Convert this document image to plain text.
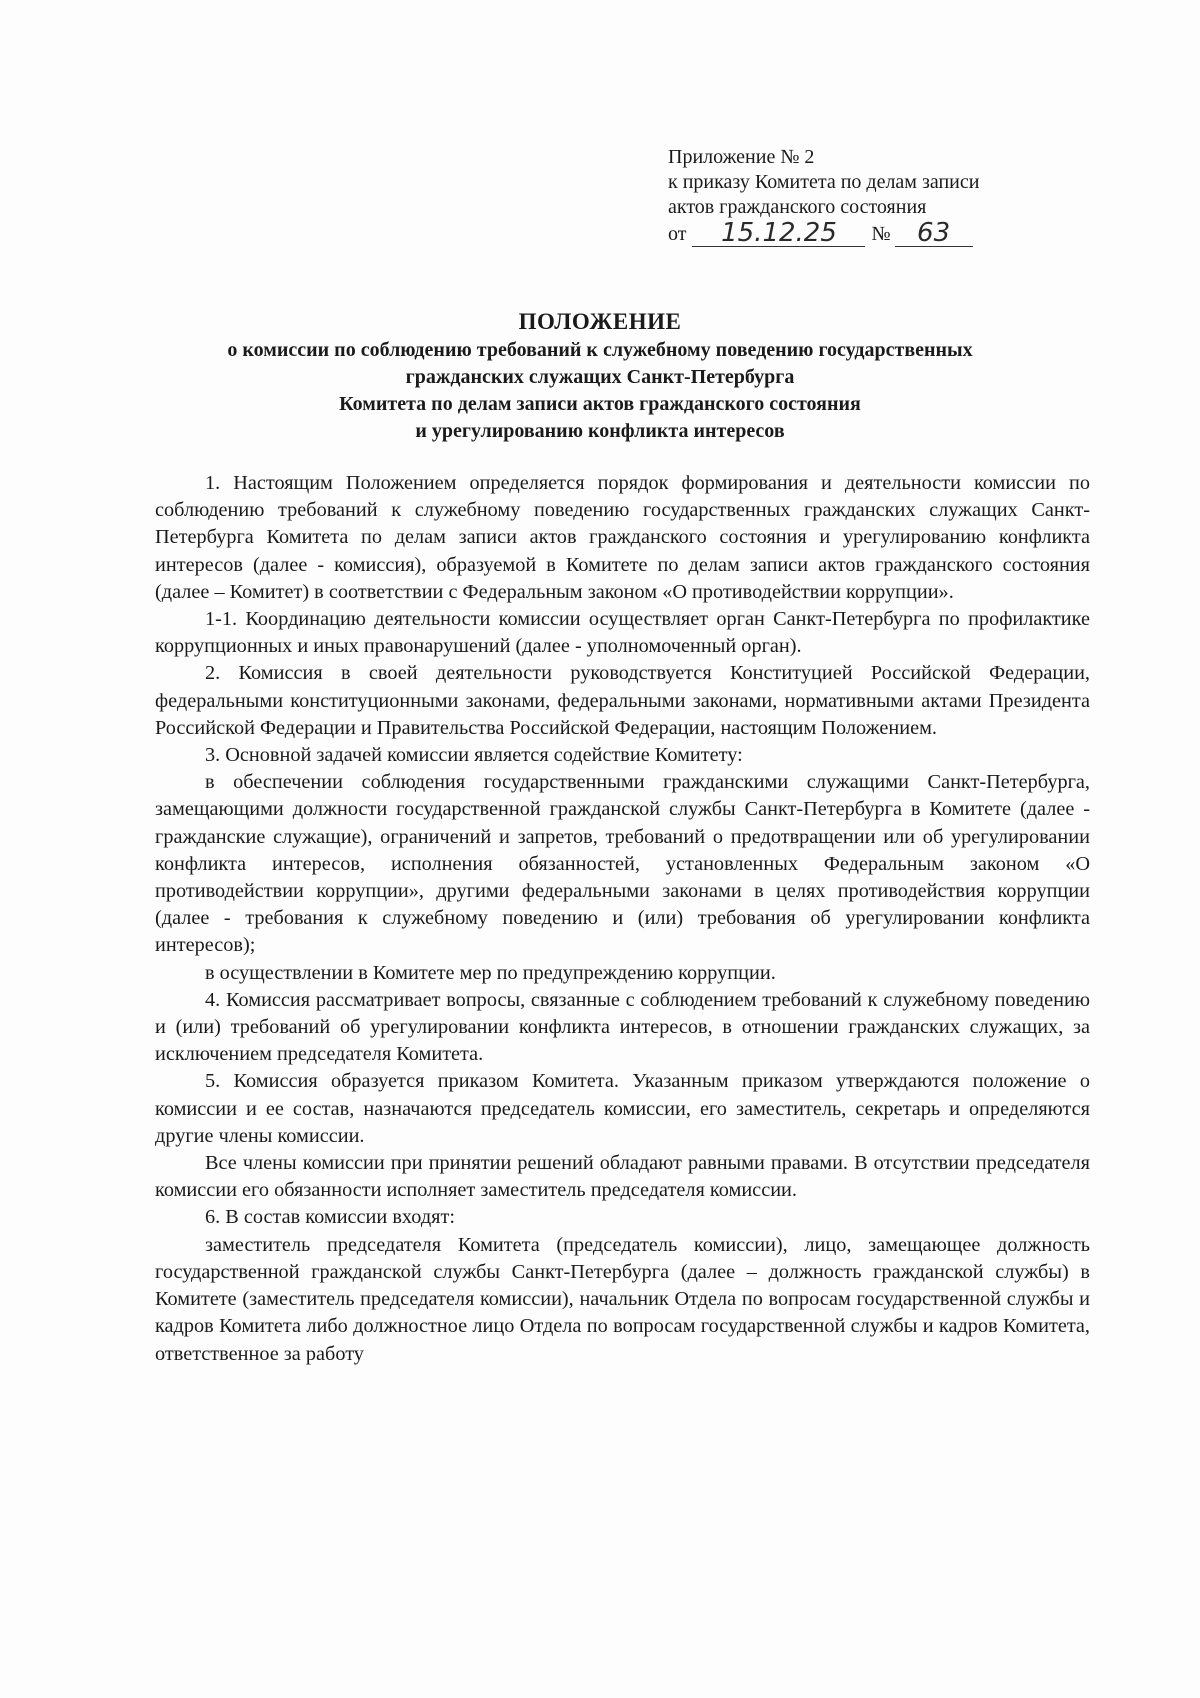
Приложение № 2
к приказу Комитета по делам записи
актов гражданского состояния
от	15.12.25	№	63
ПОЛОЖЕНИЕ
о комиссии по соблюдению требований к служебному поведению государственных
гражданских служащих Санкт-Петербурга
Комитета по делам записи актов гражданского состояния
и урегулированию конфликта интересов

1. Настоящим Положением определяется порядок формирования и деятельности комиссии по соблюдению требований к служебному поведению государственных гражданских служащих Санкт-Петербурга Комитета по делам записи актов гражданского состояния и урегулированию конфликта интересов (далее - комиссия), образуемой в Комитете по делам записи актов гражданского состояния (далее – Комитет) в соответствии с Федеральным законом «О противодействии коррупции».

1-1. Координацию деятельности комиссии осуществляет орган Санкт-Петербурга по профилактике коррупционных и иных правонарушений (далее - уполномоченный орган).

2. Комиссия в своей деятельности руководствуется Конституцией Российской Федерации, федеральными конституционными законами, федеральными законами, нормативными актами Президента Российской Федерации и Правительства Российской Федерации, настоящим Положением.

3. Основной задачей комиссии является содействие Комитету:

в обеспечении соблюдения государственными гражданскими служащими Санкт-Петербурга, замещающими должности государственной гражданской службы Санкт-Петербурга в Комитете (далее - гражданские служащие), ограничений и запретов, требований о предотвращении или об урегулировании конфликта интересов, исполнения обязанностей, установленных Федеральным законом «О противодействии коррупции», другими федеральными законами в целях противодействия коррупции (далее - требования к служебному поведению и (или) требования об урегулировании конфликта интересов);

в осуществлении в Комитете мер по предупреждению коррупции.

4. Комиссия рассматривает вопросы, связанные с соблюдением требований к служебному поведению и (или) требований об урегулировании конфликта интересов, в отношении гражданских служащих, за исключением председателя Комитета.

5. Комиссия образуется приказом Комитета. Указанным приказом утверждаются положение о комиссии и ее состав, назначаются председатель комиссии, его заместитель, секретарь и определяются другие члены комиссии.

Все члены комиссии при принятии решений обладают равными правами. В отсутствии председателя комиссии его обязанности исполняет заместитель председателя комиссии.

6. В состав комиссии входят:

заместитель председателя Комитета (председатель комиссии), лицо, замещающее должность государственной гражданской службы Санкт-Петербурга (далее – должность гражданской службы) в Комитете (заместитель председателя комиссии), начальник Отдела по вопросам государственной службы и кадров Комитета либо должностное лицо Отдела по вопросам государственной службы и кадров Комитета, ответственное за работу
